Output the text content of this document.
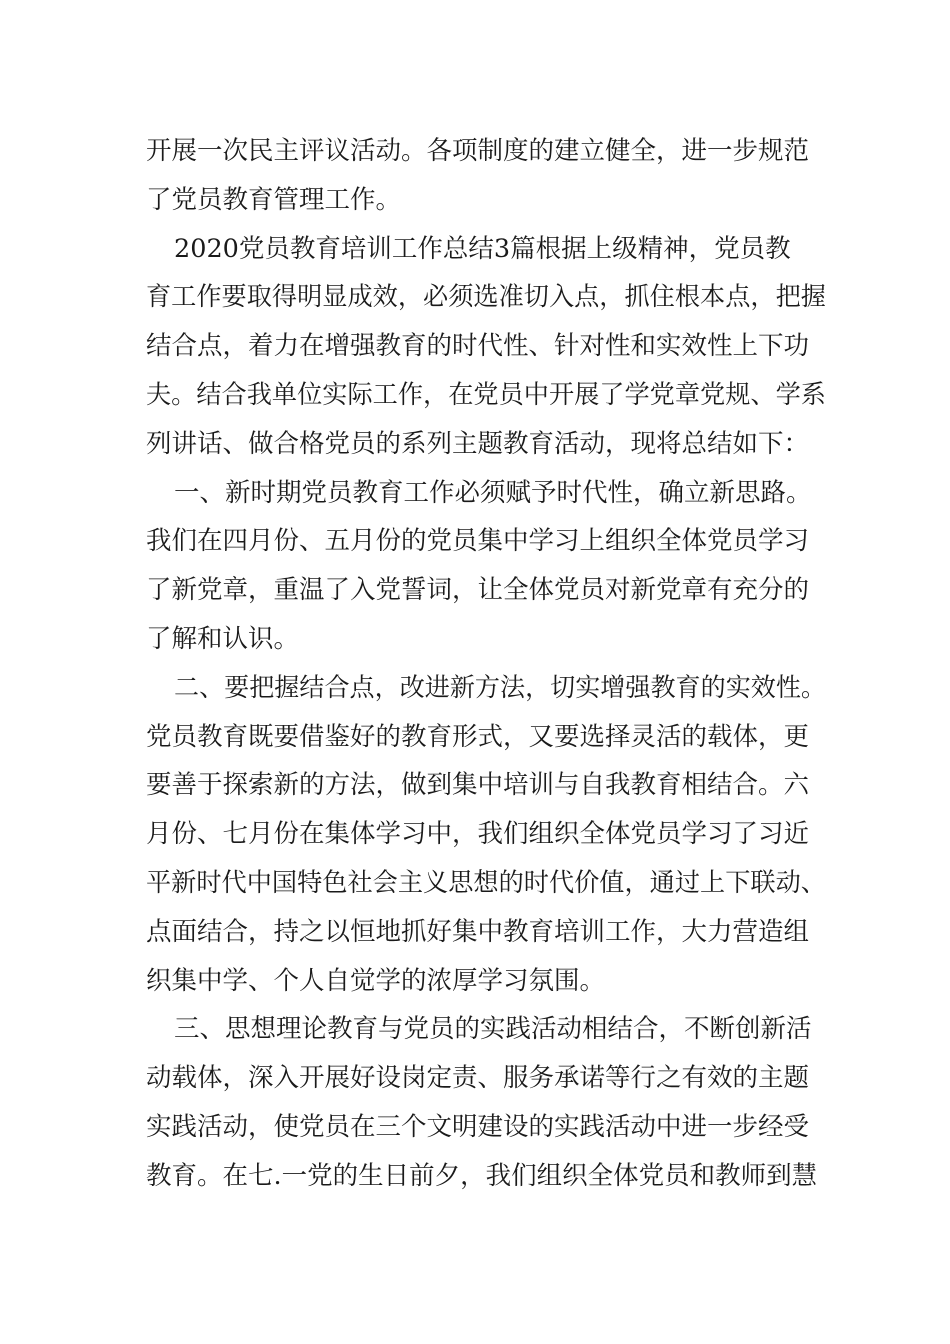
开展一次民主评议活动。各项制度的建立健全，进一步规范
了党员教育管理工作。
2020党员教育培训工作总结3篇根据上级精神，党员教
育工作要取得明显成效，必须选准切入点，抓住根本点，把握
结合点，着力在增强教育的时代性、针对性和实效性上下功
夫。结合我单位实际工作，在党员中开展了学党章党规、学系
列讲话、做合格党员的系列主题教育活动，现将总结如下：
一、新时期党员教育工作必须赋予时代性，确立新思路。
我们在四月份、五月份的党员集中学习上组织全体党员学习
了新党章，重温了入党誓词，让全体党员对新党章有充分的
了解和认识。
二、要把握结合点，改进新方法，切实增强教育的实效性。
党员教育既要借鉴好的教育形式，又要选择灵活的载体，更
要善于探索新的方法，做到集中培训与自我教育相结合。六
月份、七月份在集体学习中，我们组织全体党员学习了习近
平新时代中国特色社会主义思想的时代价值，通过上下联动、
点面结合，持之以恒地抓好集中教育培训工作，大力营造组
织集中学、个人自觉学的浓厚学习氛围。
三、思想理论教育与党员的实践活动相结合，不断创新活
动载体，深入开展好设岗定责、服务承诺等行之有效的主题
实践活动，使党员在三个文明建设的实践活动中进一步经受
教育。在七.一党的生日前夕，我们组织全体党员和教师到慧
